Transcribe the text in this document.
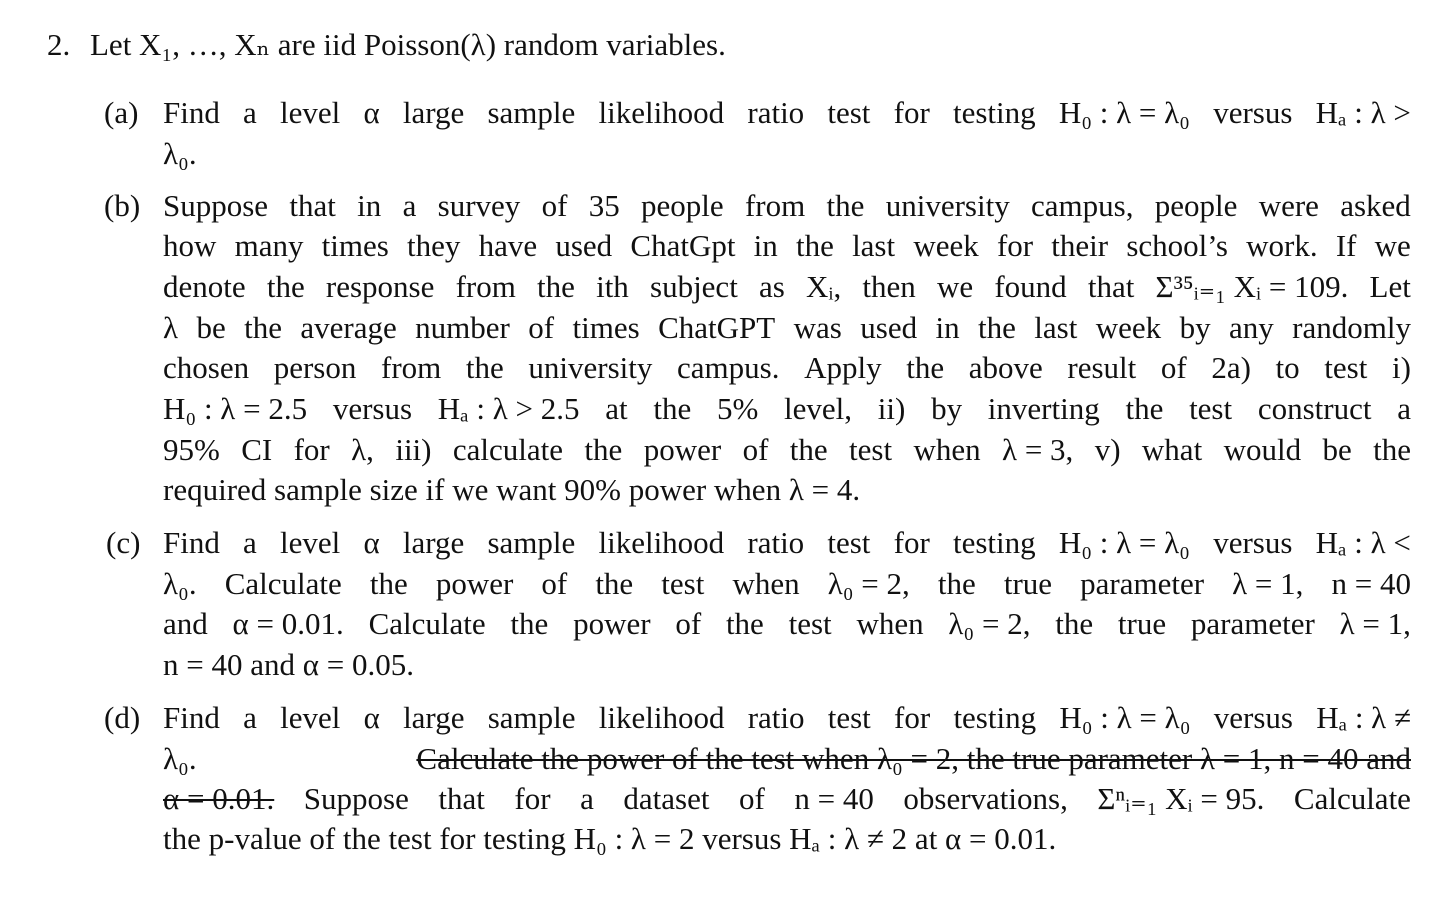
2. Let X₁, …, Xₙ are iid Poisson(λ) random variables.
(a) Find a level α large sample likelihood ratio test for testing H₀ : λ = λ₀ versus Hₐ : λ >
λ₀.
(b) Suppose that in a survey of 35 people from the university campus, people were asked
how many times they have used ChatGpt in the last week for their school’s work. If we
denote the response from the ith subject as Xᵢ, then we found that Σ³⁵ᵢ₌₁ Xᵢ = 109. Let
λ be the average number of times ChatGPT was used in the last week by any randomly
chosen person from the university campus. Apply the above result of 2a) to test i)
H₀ : λ = 2.5 versus Hₐ : λ > 2.5 at the 5% level, ii) by inverting the test construct a
95% CI for λ, iii) calculate the power of the test when λ = 3, v) what would be the
required sample size if we want 90% power when λ = 4.
(c) Find a level α large sample likelihood ratio test for testing H₀ : λ = λ₀ versus Hₐ : λ <
λ₀. Calculate the power of the test when λ₀ = 2, the true parameter λ = 1, n = 40
and α = 0.01. Calculate the power of the test when λ₀ = 2, the true parameter λ = 1,
n = 40 and α = 0.05.
(d) Find a level α large sample likelihood ratio test for testing H₀ : λ = λ₀ versus Hₐ : λ ≠
λ₀.	Calculate the power of the test when λ₀ = 2, the true parameter λ = 1, n = 40 and
α = 0.01. Suppose that for a dataset of n = 40 observations, Σⁿᵢ₌₁ Xᵢ = 95. Calculate
the p-value of the test for testing H₀ : λ = 2 versus Hₐ : λ ≠ 2 at α = 0.01.
